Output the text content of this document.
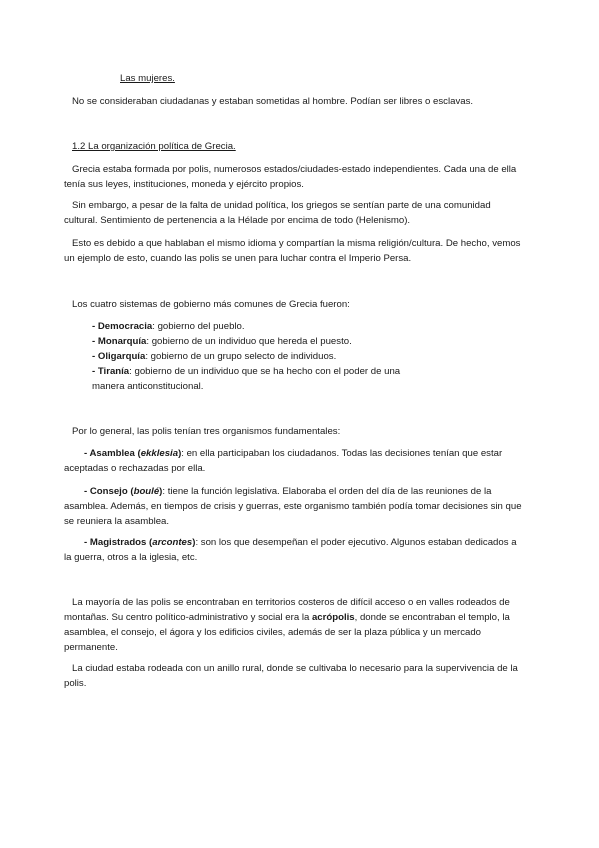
Las mujeres.
No se consideraban ciudadanas y estaban sometidas al hombre. Podían ser libres o esclavas.
1.2 La organización política de Grecia.
Grecia estaba formada por polis, numerosos estados/ciudades-estado independientes. Cada una de ella tenía sus leyes, instituciones, moneda y ejército propios.
Sin embargo, a pesar de la falta de unidad política, los griegos se sentían parte de una comunidad cultural. Sentimiento de pertenencia a la Hélade por encima de todo (Helenismo).
Esto es debido a que hablaban el mismo idioma y compartían la misma religión/cultura. De hecho, vemos un ejemplo de esto, cuando las polis se unen para luchar contra el Imperio Persa.
Los cuatro sistemas de gobierno más comunes de Grecia fueron:
- Democracia: gobierno del pueblo.
- Monarquía: gobierno de un individuo que hereda el puesto.
- Oligarquía: gobierno de un grupo selecto de individuos.
- Tiranía: gobierno de un individuo que se ha hecho con el poder de una manera anticonstitucional.
Por lo general, las polis tenían tres organismos fundamentales:
- Asamblea (ekklesia): en ella participaban los ciudadanos. Todas las decisiones tenían que estar aceptadas o rechazadas por ella.
- Consejo (boulé): tiene la función legislativa. Elaboraba el orden del día de las reuniones de la asamblea. Además, en tiempos de crisis y guerras, este organismo también podía tomar decisiones sin que se reuniera la asamblea.
- Magistrados (arcontes): son los que desempeñan el poder ejecutivo. Algunos estaban dedicados a la guerra, otros a la iglesia, etc.
La mayoría de las polis se encontraban en territorios costeros de difícil acceso o en valles rodeados de montañas. Su centro político-administrativo y social era la acrópolis, donde se encontraban el templo, la asamblea, el consejo, el ágora y los edificios civiles, además de ser la plaza pública y un mercado permanente.
La ciudad estaba rodeada con un anillo rural, donde se cultivaba lo necesario para la supervivencia de la polis.
